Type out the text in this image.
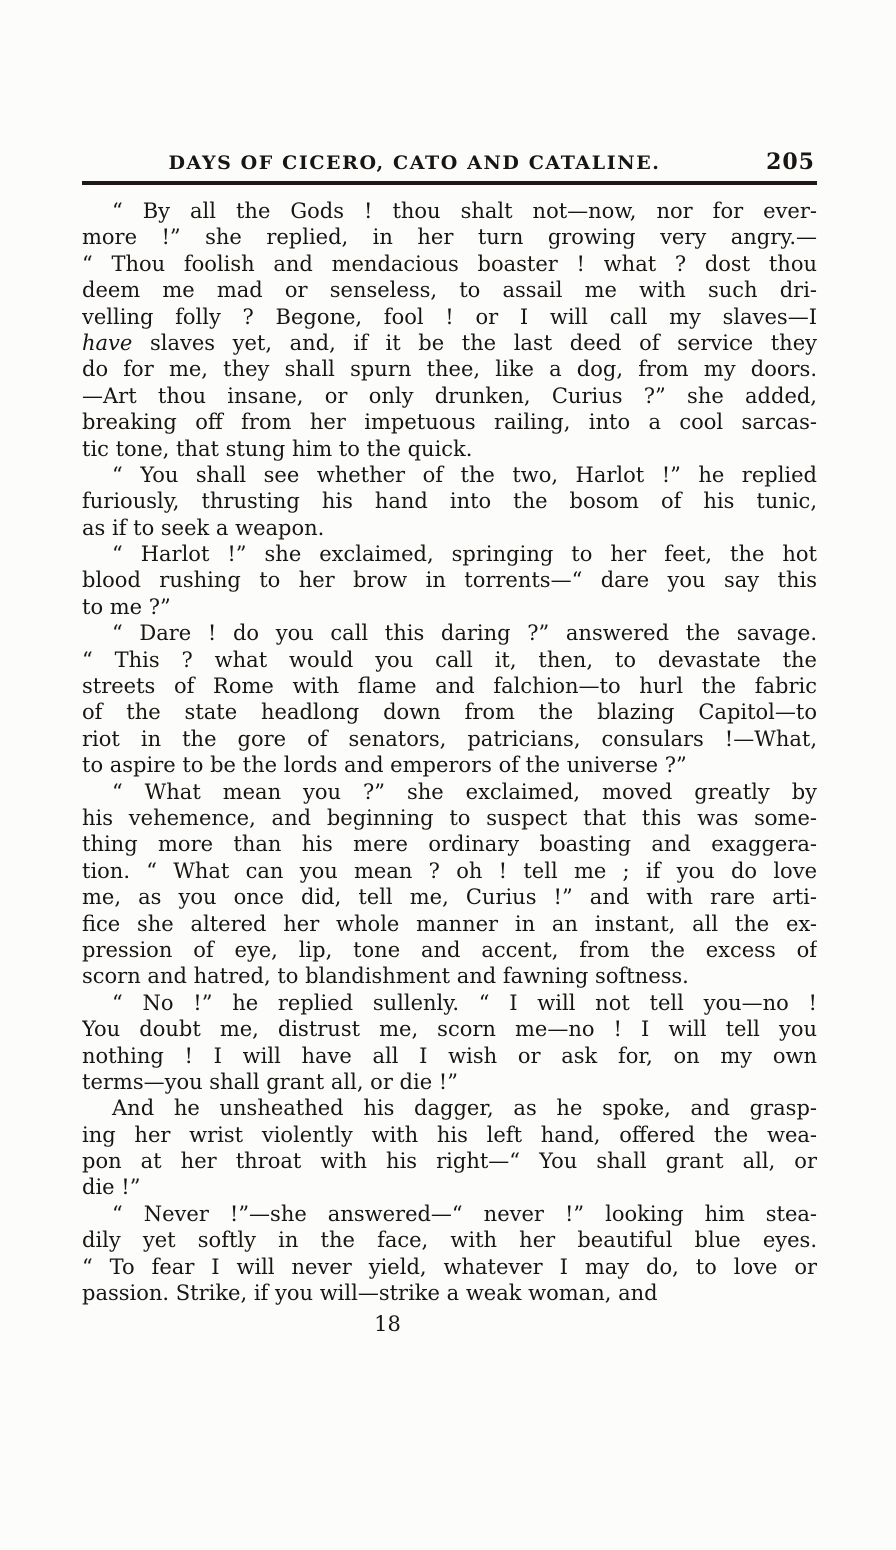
DAYS OF CICERO, CATO AND CATALINE.	205
“ By all the Gods ! thou shalt not—now, nor for ever-
more !” she replied, in her turn growing very angry.—
“ Thou foolish and mendacious boaster ! what ? dost thou
deem me mad or senseless, to assail me with such dri-
velling folly ? Begone, fool ! or I will call my slaves—I
have slaves yet, and, if it be the last deed of service they
do for me, they shall spurn thee, like a dog, from my doors.
—Art thou insane, or only drunken, Curius ?” she added,
breaking off from her impetuous railing, into a cool sarcas-
tic tone, that stung him to the quick.
“ You shall see whether of the two, Harlot !” he replied
furiously, thrusting his hand into the bosom of his tunic,
as if to seek a weapon.
“ Harlot !” she exclaimed, springing to her feet, the hot
blood rushing to her brow in torrents—“ dare you say this
to me ?”
“ Dare ! do you call this daring ?” answered the savage.
“ This ? what would you call it, then, to devastate the
streets of Rome with flame and falchion—to hurl the fabric
of the state headlong down from the blazing Capitol—to
riot in the gore of senators, patricians, consulars !—What,
to aspire to be the lords and emperors of the universe ?”
“ What mean you ?” she exclaimed, moved greatly by
his vehemence, and beginning to suspect that this was some-
thing more than his mere ordinary boasting and exaggera-
tion. “ What can you mean ? oh ! tell me ; if you do love
me, as you once did, tell me, Curius !” and with rare arti-
fice she altered her whole manner in an instant, all the ex-
pression of eye, lip, tone and accent, from the excess of
scorn and hatred, to blandishment and fawning softness.
“ No !” he replied sullenly. “ I will not tell you—no !
You doubt me, distrust me, scorn me—no ! I will tell you
nothing ! I will have all I wish or ask for, on my own
terms—you shall grant all, or die !”
And he unsheathed his dagger, as he spoke, and grasp-
ing her wrist violently with his left hand, offered the wea-
pon at her throat with his right—“ You shall grant all, or
die !”
“ Never !”—she answered—“ never !” looking him stea-
dily yet softly in the face, with her beautiful blue eyes.
“ To fear I will never yield, whatever I may do, to love or
passion. Strike, if you will—strike a weak woman, and
18
